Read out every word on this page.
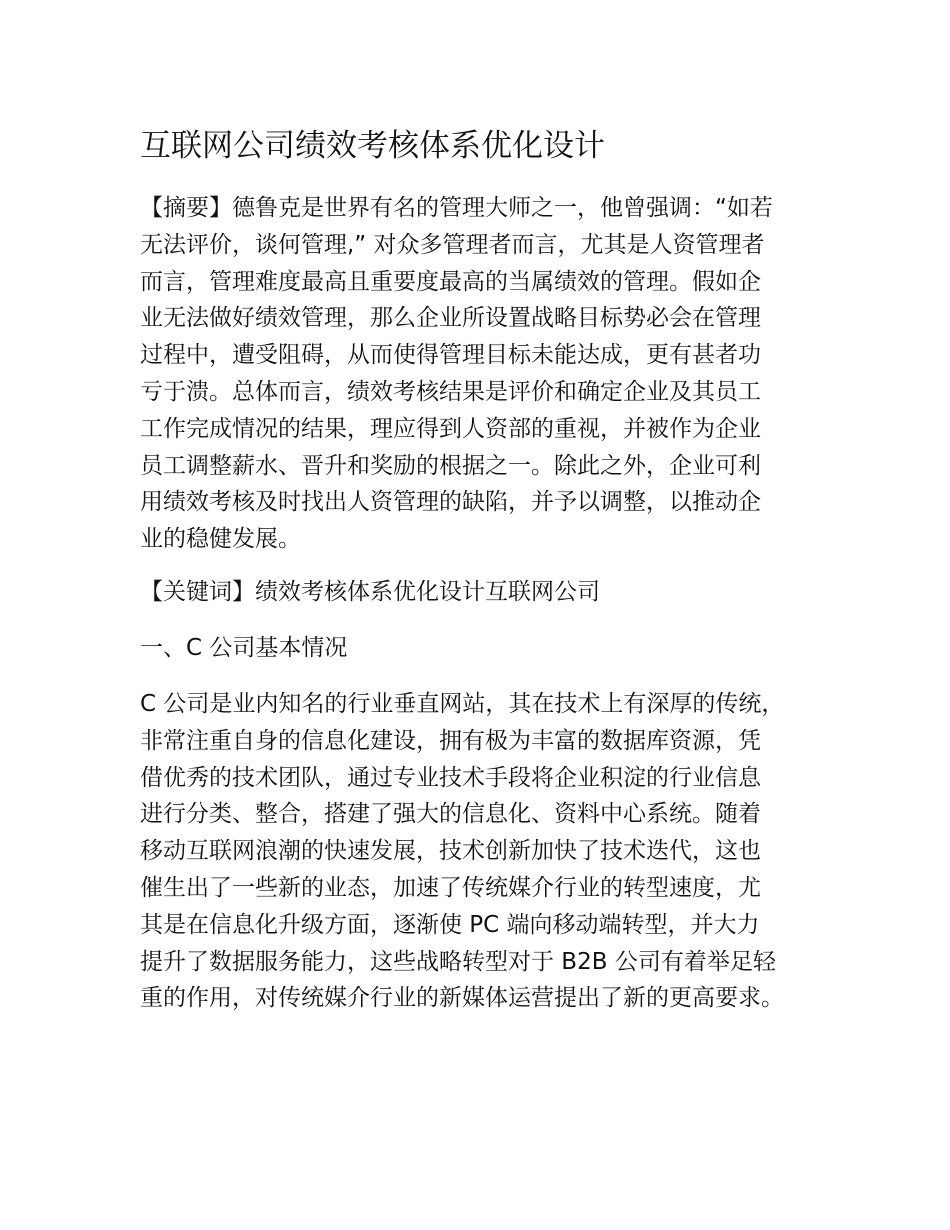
互联网公司绩效考核体系优化设计

【摘要】德鲁克是世界有名的管理大师之一，他曾强调：“如若
无法评价，谈何管理,” 对众多管理者而言，尤其是人资管理者
而言，管理难度最高且重要度最高的当属绩效的管理。假如企
业无法做好绩效管理，那么企业所设置战略目标势必会在管理
过程中，遭受阻碍，从而使得管理目标未能达成，更有甚者功
亏于溃。总体而言，绩效考核结果是评价和确定企业及其员工
工作完成情况的结果，理应得到人资部的重视，并被作为企业
员工调整薪水、晋升和奖励的根据之一。除此之外，企业可利
用绩效考核及时找出人资管理的缺陷，并予以调整，以推动企
业的稳健发展。

【关键词】绩效考核体系优化设计互联网公司

一、C 公司基本情况

C 公司是业内知名的行业垂直网站，其在技术上有深厚的传统，
非常注重自身的信息化建设，拥有极为丰富的数据库资源，凭
借优秀的技术团队，通过专业技术手段将企业积淀的行业信息
进行分类、整合，搭建了强大的信息化、资料中心系统。随着
移动互联网浪潮的快速发展，技术创新加快了技术迭代，这也
催生出了一些新的业态，加速了传统媒介行业的转型速度，尤
其是在信息化升级方面，逐渐使 PC 端向移动端转型，并大力
提升了数据服务能力，这些战略转型对于 B2B 公司有着举足轻
重的作用，对传统媒介行业的新媒体运营提出了新的更高要求。
